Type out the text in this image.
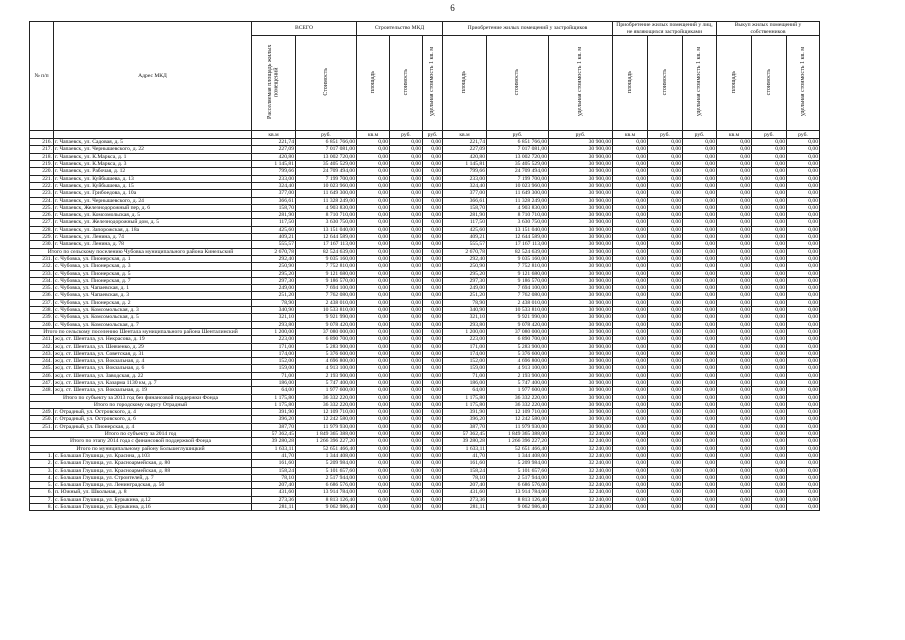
6
№ п/п	Адрес МКД	ВСЕГО		Строительство МКД			Приобретение жилых помещений у застройщиков			Приобретение жилых помещений у лиц, не являющихся застройщиками			Выкуп жилых помещений у собственников		
		Расселяемая площадь жилых помещений	Стоимость	площадь	стоимость	удельная стоимость 1 кв. м	площадь	стоимость	удельная стоимость 1 кв. м	площадь	стоимость	удельная стоимость 1 кв. м	площадь	стоимость	удельная стоимость 1 кв. м
		кв.м	руб.	кв.м	руб.	руб.	кв.м	руб.	руб.	кв.м	руб.	руб.	кв.м	руб.	руб.
216.	г. Чапаевск, ул. Садовая, д. 5	221,74	6 851 766,00	0,00	0,00	0,00	221,74	6 851 766,00	30 900,00	0,00	0,00	0,00	0,00	0,00	0,00
217.	г. Чапаевск, ул. Чернышевского, д. 22	227,09	7 017 081,00	0,00	0,00	0,00	227,09	7 017 081,00	30 900,00	0,00	0,00	0,00	0,00	0,00	0,00
218.	г. Чапаевск, ул. К.Маркса, д. 1	420,80	13 002 720,00	0,00	0,00	0,00	420,80	13 002 720,00	30 900,00	0,00	0,00	0,00	0,00	0,00	0,00
219.	г. Чапаевск, ул. К.Маркса, д. 3	1 145,81	35 405 529,00	0,00	0,00	0,00	1 145,81	35 405 529,00	30 900,00	0,00	0,00	0,00	0,00	0,00	0,00
220.	г. Чапаевск, ул. Рабочая, д. 12	799,66	24 709 494,00	0,00	0,00	0,00	799,66	24 709 494,00	30 900,00	0,00	0,00	0,00	0,00	0,00	0,00
221.	г. Чапаевск, ул. Куйбышева, д. 13	233,00	7 199 700,00	0,00	0,00	0,00	233,00	7 199 700,00	30 900,00	0,00	0,00	0,00	0,00	0,00	0,00
222.	г. Чапаевск, ул. Куйбышева, д. 15	324,40	10 023 960,00	0,00	0,00	0,00	324,40	10 023 960,00	30 900,00	0,00	0,00	0,00	0,00	0,00	0,00
223.	г. Чапаевск, ул. Грибоедова, д. 10а	377,00	11 649 300,00	0,00	0,00	0,00	377,00	11 649 300,00	30 900,00	0,00	0,00	0,00	0,00	0,00	0,00
224.	г. Чапаевск, ул. Чернышевского, д. 24	366,61	11 328 249,00	0,00	0,00	0,00	366,61	11 328 249,00	30 900,00	0,00	0,00	0,00	0,00	0,00	0,00
225.	г. Чапаевск, Железнодорожный пер, д. 6	158,70	4 903 830,00	0,00	0,00	0,00	158,70	4 903 830,00	30 900,00	0,00	0,00	0,00	0,00	0,00	0,00
226.	г. Чапаевск, ул. Комсомольская, д. 5	281,90	8 710 710,00	0,00	0,00	0,00	281,90	8 710 710,00	30 900,00	0,00	0,00	0,00	0,00	0,00	0,00
227.	г. Чапаевск, ул. Железнодорожный дом, д. 5	117,50	3 630 750,00	0,00	0,00	0,00	117,50	3 630 750,00	30 900,00	0,00	0,00	0,00	0,00	0,00	0,00
228.	г. Чапаевск, ул. Запорожская, д. 18а	425,60	13 151 040,00	0,00	0,00	0,00	425,60	13 151 040,00	30 900,00	0,00	0,00	0,00	0,00	0,00	0,00
229.	г. Чапаевск, ул. Ленина, д. 74	409,21	12 644 589,00	0,00	0,00	0,00	409,21	12 644 589,00	30 900,00	0,00	0,00	0,00	0,00	0,00	0,00
230.	г. Чапаевск, ул. Ленина, д. 78	555,57	17 167 113,00	0,00	0,00	0,00	555,57	17 167 113,00	30 900,00	0,00	0,00	0,00	0,00	0,00	0,00
Итого по сельскому поселению Чубовка муниципального района Кинельский		2 670,78	82 524 639,00	0,00	0,00	0,00	2 670,78	82 524 639,00	30 900,00	0,00	0,00	0,00	0,00	0,00	0,00
231.	с. Чубовка, ул. Пионерская, д. 1	292,40	9 035 160,00	0,00	0,00	0,00	292,40	9 035 160,00	30 900,00	0,00	0,00	0,00	0,00	0,00	0,00
232.	с. Чубовка, ул. Пионерская, д. 3	250,90	7 752 810,00	0,00	0,00	0,00	250,90	7 752 810,00	30 900,00	0,00	0,00	0,00	0,00	0,00	0,00
233.	с. Чубовка, ул. Пионерская, д. 5	295,20	9 121 680,00	0,00	0,00	0,00	295,20	9 121 680,00	30 900,00	0,00	0,00	0,00	0,00	0,00	0,00
234.	с. Чубовка, ул. Пионерская, д. 7	297,30	9 186 570,00	0,00	0,00	0,00	297,30	9 186 570,00	30 900,00	0,00	0,00	0,00	0,00	0,00	0,00
235.	с. Чубовка, ул. Чапаевская, д. 1	249,00	7 694 100,00	0,00	0,00	0,00	249,00	7 694 100,00	30 900,00	0,00	0,00	0,00	0,00	0,00	0,00
236.	с. Чубовка, ул. Чапаевская, д. 3	251,20	7 762 080,00	0,00	0,00	0,00	251,20	7 762 080,00	30 900,00	0,00	0,00	0,00	0,00	0,00	0,00
237.	с. Чубовка, ул. Пионерская, д. 2	78,90	2 438 010,00	0,00	0,00	0,00	78,90	2 438 010,00	30 900,00	0,00	0,00	0,00	0,00	0,00	0,00
238.	с. Чубовка, ул. Комсомольская, д. 3	340,90	10 533 810,00	0,00	0,00	0,00	340,90	10 533 810,00	30 900,00	0,00	0,00	0,00	0,00	0,00	0,00
239.	с. Чубовка, ул. Комсомольская, д. 5	321,10	9 921 990,00	0,00	0,00	0,00	321,10	9 921 990,00	30 900,00	0,00	0,00	0,00	0,00	0,00	0,00
240.	с. Чубовка, ул. Комсомольская, д. 7	293,80	9 078 420,00	0,00	0,00	0,00	293,80	9 078 420,00	30 900,00	0,00	0,00	0,00	0,00	0,00	0,00
Итого по сельскому поселению Шентала муниципального района Шенталинский		1 200,00	37 080 000,00	0,00	0,00	0,00	1 200,00	37 080 000,00	30 900,00	0,00	0,00	0,00	0,00	0,00	0,00
241.	ж/д. ст. Шентала, ул. Некрасова, д. 19	223,00	6 890 700,00	0,00	0,00	0,00	223,00	6 890 700,00	30 900,00	0,00	0,00	0,00	0,00	0,00	0,00
242.	ж/д. ст. Шентала, ул. Шевченко, д. 29	171,00	5 283 900,00	0,00	0,00	0,00	171,00	5 283 900,00	30 900,00	0,00	0,00	0,00	0,00	0,00	0,00
243.	ж/д. ст. Шентала, ул. Советская, д. 31	174,00	5 376 600,00	0,00	0,00	0,00	174,00	5 376 600,00	30 900,00	0,00	0,00	0,00	0,00	0,00	0,00
244.	ж/д. ст. Шентала, ул. Вокзальная, д. 4	152,00	4 696 800,00	0,00	0,00	0,00	152,00	4 696 800,00	30 900,00	0,00	0,00	0,00	0,00	0,00	0,00
245.	ж/д. ст. Шентала, ул. Вокзальная, д. 6	159,00	4 913 100,00	0,00	0,00	0,00	159,00	4 913 100,00	30 900,00	0,00	0,00	0,00	0,00	0,00	0,00
246.	ж/д. ст. Шентала, ул. Заводская, д. 22	71,00	2 193 900,00	0,00	0,00	0,00	71,00	2 193 900,00	30 900,00	0,00	0,00	0,00	0,00	0,00	0,00
247.	ж/д. ст. Шентала, ул. Казарма 1130 км, д. 7	186,00	5 747 400,00	0,00	0,00	0,00	186,00	5 747 400,00	30 900,00	0,00	0,00	0,00	0,00	0,00	0,00
248.	ж/д. ст. Шентала, ул. Вокзальная, д. 19	64,00	1 977 600,00	0,00	0,00	0,00	64,00	1 977 600,00	30 900,00	0,00	0,00	0,00	0,00	0,00	0,00
Итого по субъекту за 2013 год без финансовой поддержки Фонда		1 175,80	36 332 220,00	0,00	0,00	0,00	1 175,80	36 332 220,00	30 900,00	0,00	0,00	0,00	0,00	0,00	0,00
Итого по городскому округу Отрадный		1 175,80	36 332 220,00	0,00	0,00	0,00	1 175,80	36 332 220,00	30 900,00	0,00	0,00	0,00	0,00	0,00	0,00
249.	г. Отрадный, ул. Островского, д. 4	391,90	12 109 710,00	0,00	0,00	0,00	391,90	12 109 710,00	30 900,00	0,00	0,00	0,00	0,00	0,00	0,00
250.	г. Отрадный, ул. Островского, д. 6	396,20	12 242 580,00	0,00	0,00	0,00	396,20	12 242 580,00	30 900,00	0,00	0,00	0,00	0,00	0,00	0,00
251.	г. Отрадный, ул. Пионерская, д. 4	387,70	11 979 930,00	0,00	0,00	0,00	387,70	11 979 930,00	30 900,00	0,00	0,00	0,00	0,00	0,00	0,00
Итого по субъекту за 2014 год		57 362,45	1 849 365 388,00	0,00	0,00	0,00	57 362,45	1 849 365 388,00	32 240,00	0,00	0,00	0,00	0,00	0,00	0,00
Итого по этапу 2014 года с финансовой поддержкой Фонда		39 280,28	1 266 396 227,20	0,00	0,00	0,00	39 280,28	1 266 396 227,20	32 240,00	0,00	0,00	0,00	0,00	0,00	0,00
Итого по муниципальному району Большеглушицкий		1 633,11	52 651 466,40	0,00	0,00	0,00	1 633,11	52 651 466,40	32 240,00	0,00	0,00	0,00	0,00	0,00	0,00
1.	с. Большая Глушица, ул. Красина, д.103	41,70	1 344 408,00	0,00	0,00	0,00	41,70	1 344 408,00	32 240,00	0,00	0,00	0,00	0,00	0,00	0,00
2.	с. Большая Глушица, ул. Красноармейская, д. 80	161,60	5 209 984,00	0,00	0,00	0,00	161,60	5 209 984,00	32 240,00	0,00	0,00	0,00	0,00	0,00	0,00
3.	с. Большая Глушица, ул. Красноармейская, д. 88	158,24	5 101 657,60	0,00	0,00	0,00	158,24	5 101 657,60	32 240,00	0,00	0,00	0,00	0,00	0,00	0,00
4.	с. Большая Глушица, ул. Строителей, д. 7	78,10	2 517 944,00	0,00	0,00	0,00	78,10	2 517 944,00	32 240,00	0,00	0,00	0,00	0,00	0,00	0,00
5.	с. Большая Глушица, ул. Ленинградская, д. 50	207,40	6 686 576,00	0,00	0,00	0,00	207,40	6 686 576,00	32 240,00	0,00	0,00	0,00	0,00	0,00	0,00
6.	п. Южный, ул. Школьная, д. 8	431,60	13 914 784,00	0,00	0,00	0,00	431,60	13 914 784,00	32 240,00	0,00	0,00	0,00	0,00	0,00	0,00
7.	с. Большая Глушица, ул. Бурыкина, д.12	273,36	8 813 126,40	0,00	0,00	0,00	273,36	8 813 126,40	32 240,00	0,00	0,00	0,00	0,00	0,00	0,00
8.	с. Большая Глушица, ул. Бурыкина, д.16	281,11	9 062 986,40	0,00	0,00	0,00	281,11	9 062 986,40	32 240,00	0,00	0,00	0,00	0,00	0,00	0,00
